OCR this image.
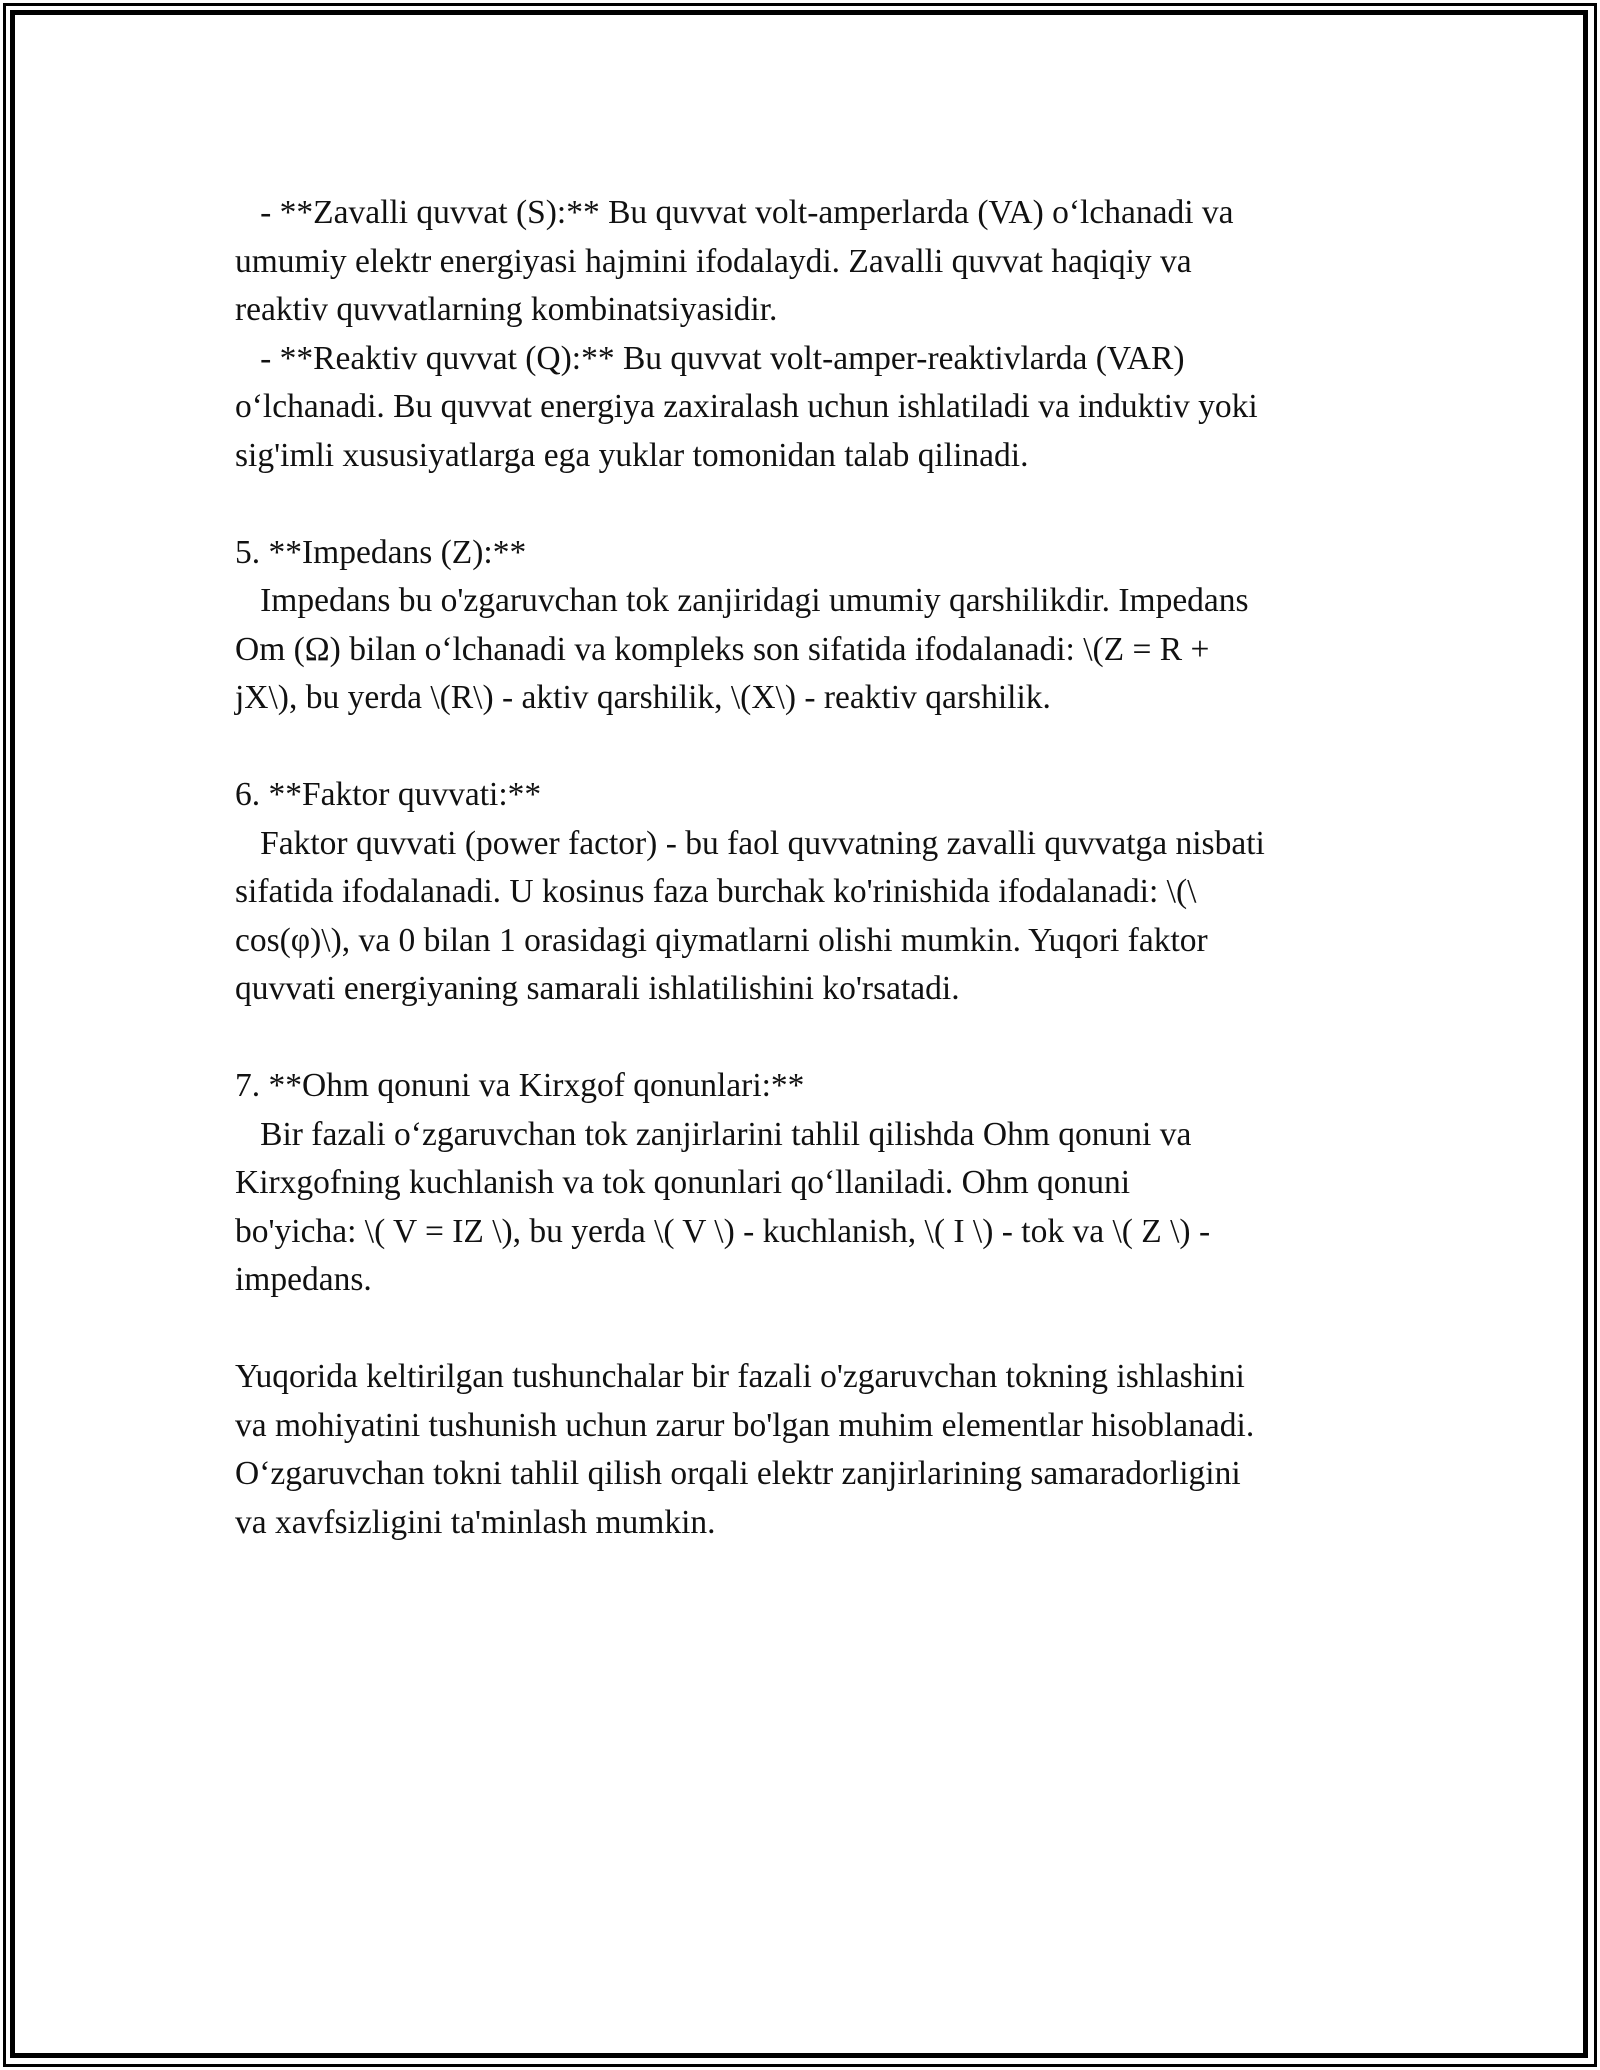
- **Zavalli quvvat (S):** Bu quvvat volt-amperlarda (VA) oʻlchanadi va
umumiy elektr energiyasi hajmini ifodalaydi. Zavalli quvvat haqiqiy va
reaktiv quvvatlarning kombinatsiyasidir.
- **Reaktiv quvvat (Q):** Bu quvvat volt-amper-reaktivlarda (VAR)
oʻlchanadi. Bu quvvat energiya zaxiralash uchun ishlatiladi va induktiv yoki
sig'imli xususiyatlarga ega yuklar tomonidan talab qilinadi.
5. **Impedans (Z):**
Impedans bu o'zgaruvchan tok zanjiridagi umumiy qarshilikdir. Impedans
Om (Ω) bilan oʻlchanadi va kompleks son sifatida ifodalanadi: \(Z = R +
jX\), bu yerda \(R\) - aktiv qarshilik, \(X\) - reaktiv qarshilik.
6. **Faktor quvvati:**
Faktor quvvati (power factor) - bu faol quvvatning zavalli quvvatga nisbati
sifatida ifodalanadi. U kosinus faza burchak ko'rinishida ifodalanadi: \(\
cos(φ)\), va 0 bilan 1 orasidagi qiymatlarni olishi mumkin. Yuqori faktor
quvvati energiyaning samarali ishlatilishini ko'rsatadi.
7. **Ohm qonuni va Kirxgof qonunlari:**
Bir fazali oʻzgaruvchan tok zanjirlarini tahlil qilishda Ohm qonuni va
Kirxgofning kuchlanish va tok qonunlari qoʻllaniladi. Ohm qonuni
bo'yicha: \( V = IZ \), bu yerda \( V \) - kuchlanish, \( I \) - tok va \( Z \) -
impedans.
Yuqorida keltirilgan tushunchalar bir fazali o'zgaruvchan tokning ishlashini
va mohiyatini tushunish uchun zarur bo'lgan muhim elementlar hisoblanadi.
Oʻzgaruvchan tokni tahlil qilish orqali elektr zanjirlarining samaradorligini
va xavfsizligini ta'minlash mumkin.
